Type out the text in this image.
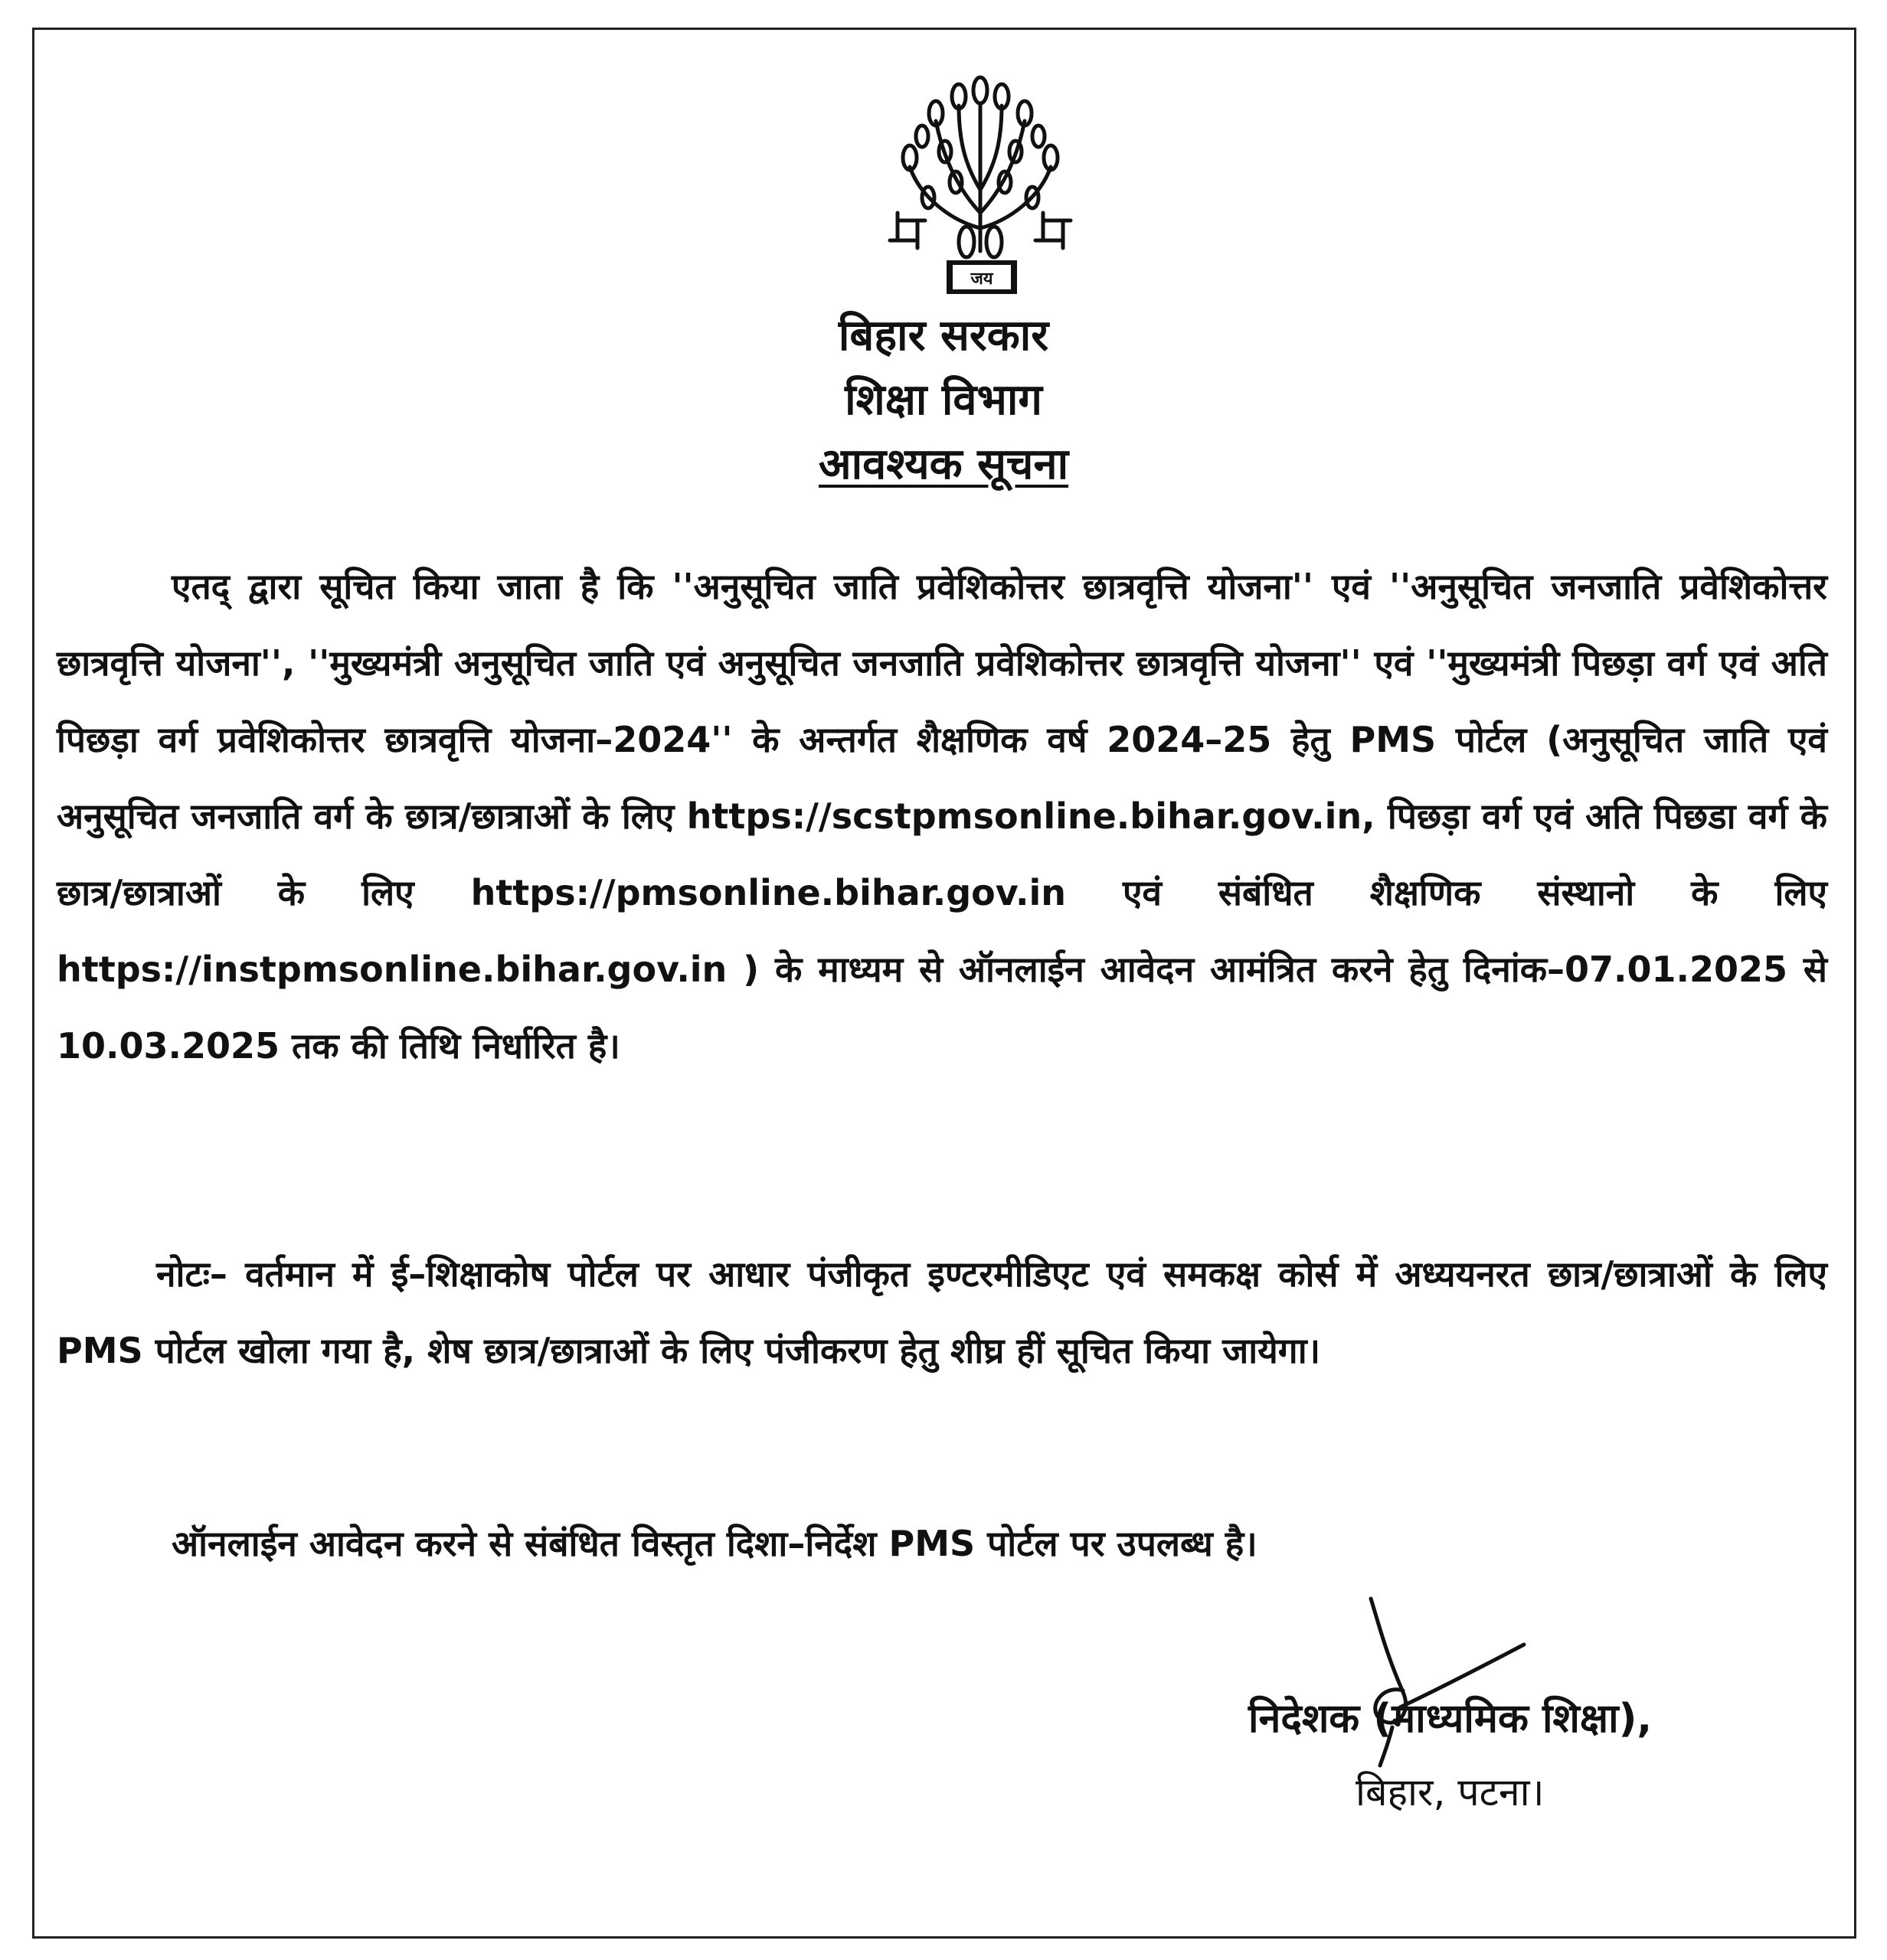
जय
बिहार सरकार
शिक्षा विभाग
आवश्यक सूचना

एतद् द्वारा सूचित किया जाता है कि ''अनुसूचित जाति प्रवेशिकोत्तर छात्रवृत्ति योजना'' एवं ''अनुसूचित जनजाति प्रवेशिकोत्तर छात्रवृत्ति योजना'', ''मुख्यमंत्री अनुसूचित जाति एवं अनुसूचित जनजाति प्रवेशिकोत्तर छात्रवृत्ति योजना'' एवं ''मुख्यमंत्री पिछड़ा वर्ग एवं अति पिछड़ा वर्ग प्रवेशिकोत्तर छात्रवृत्ति योजना–2024'' के अन्तर्गत शैक्षणिक वर्ष 2024–25 हेतु PMS पोर्टल (अनुसूचित जाति एवं अनुसूचित जनजाति वर्ग के छात्र/छात्राओं के लिए https://scstpmsonline.bihar.gov.in, पिछड़ा वर्ग एवं अति पिछडा वर्ग के छात्र/छात्राओं के लिए https://pmsonline.bihar.gov.in एवं संबंधित शैक्षणिक संस्थानो के लिए https://instpmsonline.bihar.gov.in ) के माध्यम से ऑनलाईन आवेदन आमंत्रित करने हेतु दिनांक–07.01.2025 से 10.03.2025 तक की तिथि निर्धारित है।

नोटः– वर्तमान में ई–शिक्षाकोष पोर्टल पर आधार पंजीकृत इण्टरमीडिएट एवं समकक्ष कोर्स में अध्ययनरत छात्र/छात्राओं के लिए PMS पोर्टल खोला गया है, शेष छात्र/छात्राओं के लिए पंजीकरण हेतु शीघ्र हीं सूचित किया जायेगा।

ऑनलाईन आवेदन करने से संबंधित विस्तृत दिशा–निर्देश PMS पोर्टल पर उपलब्ध है।

निदेशक (माध्यमिक शिक्षा),
बिहार, पटना।
